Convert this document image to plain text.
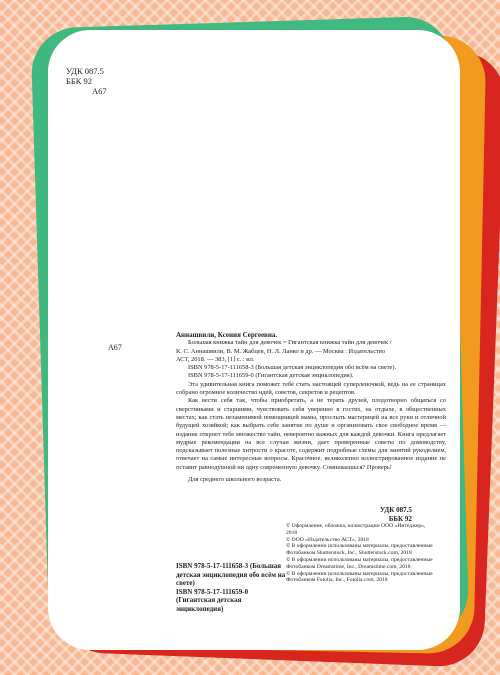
УДК 087.5
ББК 92
А67
А67
Аннашвили, Ксения Сергеевна.
Большая книжка тайн для девочек = Гигантская книжка тайн для девочек /
К. С. Аннашвили, В. М. Жабцев, Н. Л. Ланко и др. — Москва : Издательство
АСТ, 2018. — 383, [1] с. : ил.
ISBN 978-5-17-111658-3 (Большая детская энциклопедия обо всём на свете).
ISBN 978-5-17-111659-0 (Гигантская детская энциклопедия).
Эта удивительная книга поможет тебе стать настоящей суперленочкой, ведь на ее страницах собрано огромное количество идей, советов, секретов и рецептов.
Как вести себя так, чтобы приобретать, а не терять друзей, плодотворно общаться со сверстниками и старшими, чувствовать себя уверенно в гостях, на отдыхе, в общественных местах; как стать незаменимой помощницей мамы, прослыть мастерицей на все руки и отличной будущей хозяйкой; как выбрать себе занятие по душе и организовать свое свободное время — издание откроет тебе множество тайн, невероятно важных для каждой девочки. Книга предлагает мудрые рекомендации на все случаи жизни, дает проверенные советы по домоводству, подсказывает полезные хитрости о красоте, содержит подробные схемы для занятий рукоделием, отвечает на самые интересные вопросы. Красочное, великолепно иллюстрированное издание не оставит равнодушной ни одну современную девочку. Сомневаешься? Проверь!
Для среднего школьного возраста.
УДК 087.5
ББК 92
ISBN 978-5-17-111658-3 (Большая детская энциклопедия обо всём на свете)
ISBN 978-5-17-111659-0 (Гигантская детская энциклопедия)
© Оформление, обложка, иллюстрации ООО «Интеджер», 2018
© ООО «Издательство АСТ», 2018
© В оформлении использованы материалы, предоставленные Фотобанком Shutterstock, Inc., Shutterstock.com, 2018
© В оформлении использованы материалы, предоставленные Фотобанком Dreamstime, Inc., Dreamstime.com, 2018
© В оформлении использованы материалы, предоставленные Фотобанком Fotolia, Inc., Fotolia.com, 2018
